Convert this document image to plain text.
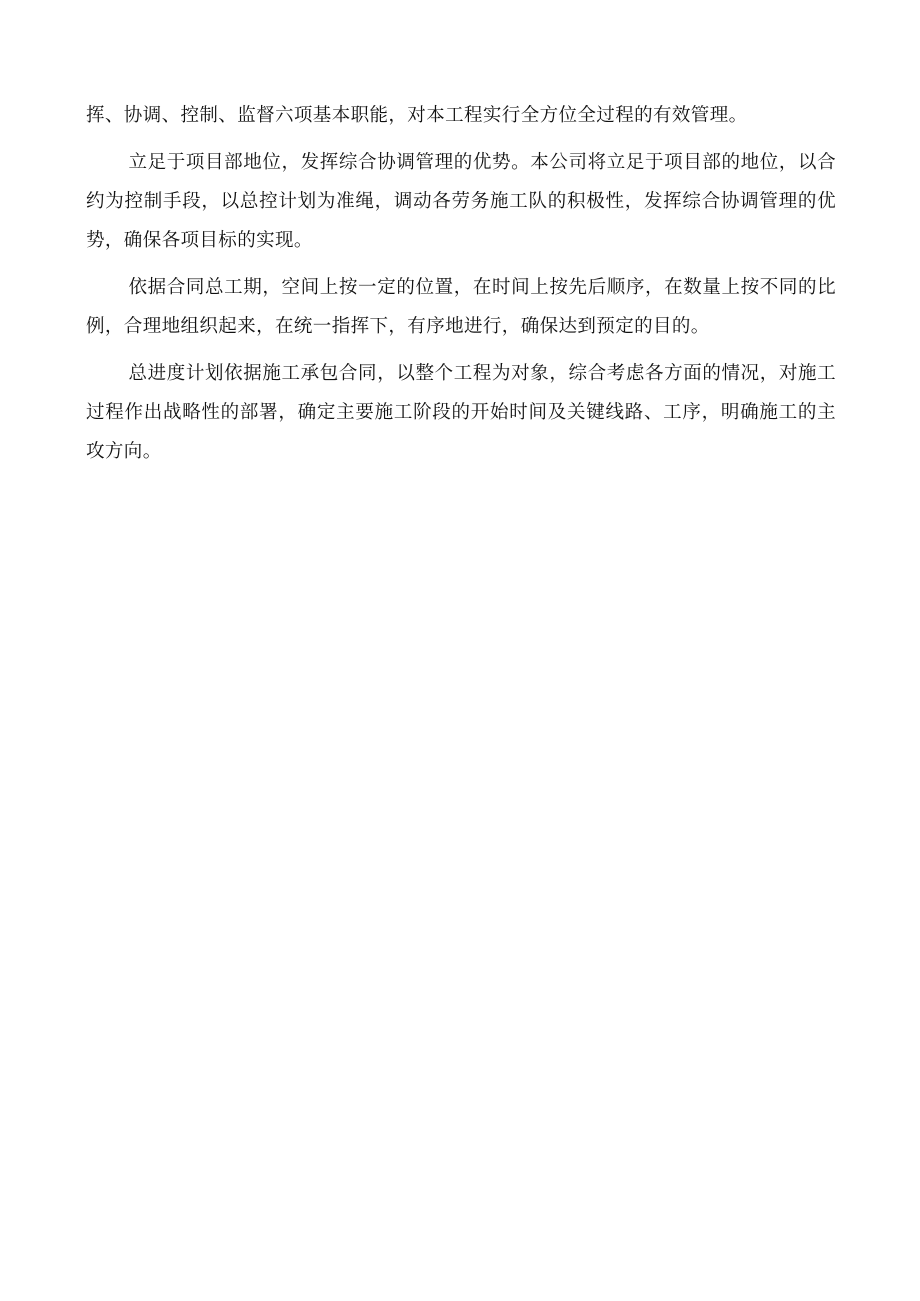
挥、协调、控制、监督六项基本职能，对本工程实行全方位全过程的有效管理。

立足于项目部地位，发挥综合协调管理的优势。本公司将立足于项目部的地位，以合约为控制手段，以总控计划为准绳，调动各劳务施工队的积极性，发挥综合协调管理的优势，确保各项目标的实现。

依据合同总工期，空间上按一定的位置，在时间上按先后顺序，在数量上按不同的比例，合理地组织起来，在统一指挥下，有序地进行，确保达到预定的目的。

总进度计划依据施工承包合同，以整个工程为对象，综合考虑各方面的情况，对施工过程作出战略性的部署，确定主要施工阶段的开始时间及关键线路、工序，明确施工的主攻方向。
